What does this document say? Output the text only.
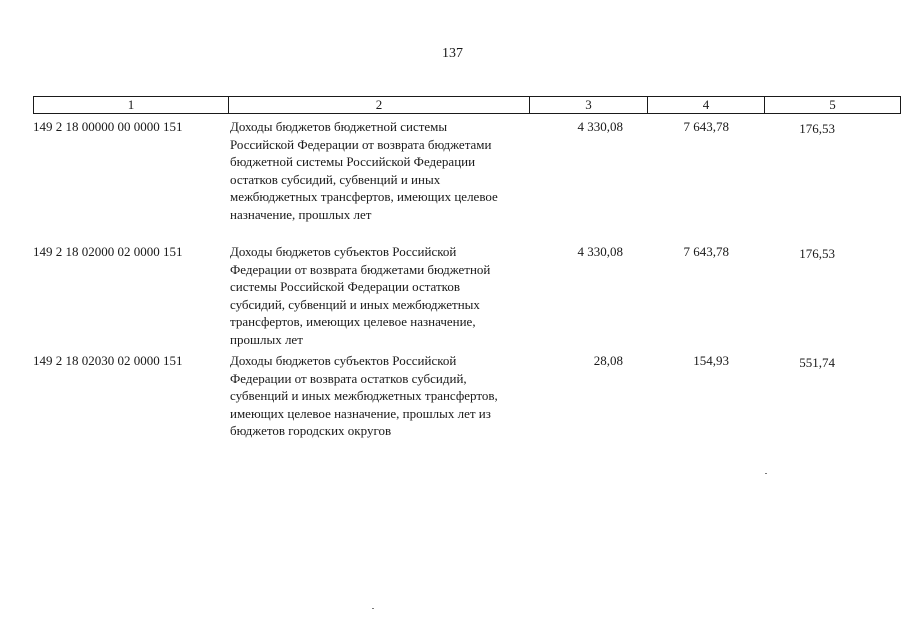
137
1	2	3	4	5
149 2 18 00000 00 0000 151	Доходы бюджетов бюджетной системы
Российской Федерации от возврата бюджетами
бюджетной системы Российской Федерации
остатков субсидий, субвенций и иных
межбюджетных трансфертов, имеющих целевое
назначение, прошлых лет
4 330,08	7 643,78	176,53
149 2 18 02000 02 0000 151	Доходы бюджетов субъектов Российской
Федерации от возврата бюджетами бюджетной
системы Российской Федерации остатков
субсидий, субвенций и иных межбюджетных
трансфертов, имеющих целевое назначение,
прошлых лет
4 330,08	7 643,78	176,53
149 2 18 02030 02 0000 151	Доходы бюджетов субъектов Российской
Федерации от возврата остатков субсидий,
субвенций и иных межбюджетных трансфертов,
имеющих целевое назначение, прошлых лет из
бюджетов городских округов
28,08	154,93	551,74
